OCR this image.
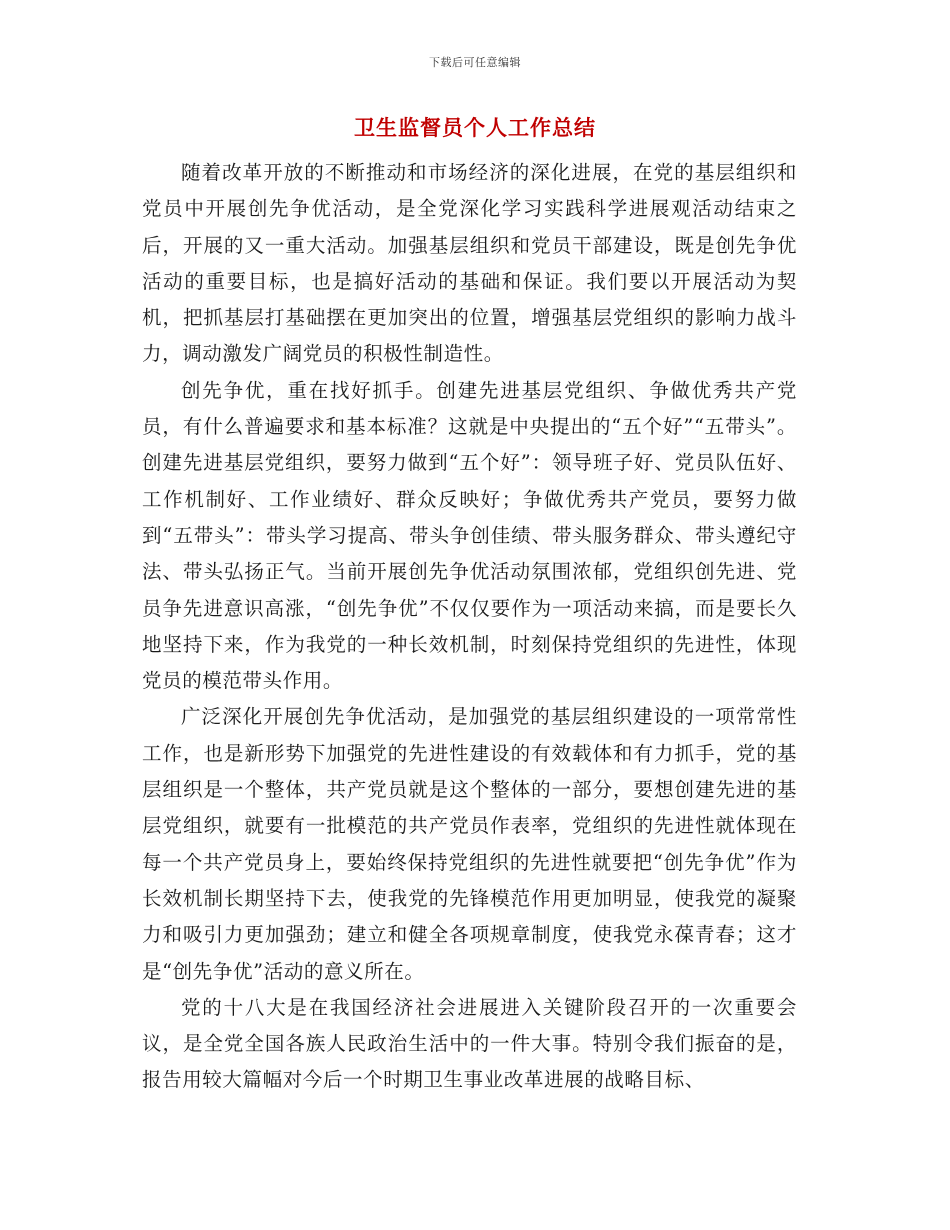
下载后可任意编辑
卫生监督员个人工作总结

随着改革开放的不断推动和市场经济的深化进展，在党的基层组织和党员中开展创先争优活动，是全党深化学习实践科学进展观活动结束之后，开展的又一重大活动。加强基层组织和党员干部建设，既是创先争优活动的重要目标，也是搞好活动的基础和保证。我们要以开展活动为契机，把抓基层打基础摆在更加突出的位置，增强基层党组织的影响力战斗力，调动激发广阔党员的积极性制造性。

创先争优，重在找好抓手。创建先进基层党组织、争做优秀共产党员，有什么普遍要求和基本标准？这就是中央提出的“五个好”“五带头”。创建先进基层党组织，要努力做到“五个好”：领导班子好、党员队伍好、工作机制好、工作业绩好、群众反映好；争做优秀共产党员，要努力做到“五带头”：带头学习提高、带头争创佳绩、带头服务群众、带头遵纪守法、带头弘扬正气。当前开展创先争优活动氛围浓郁，党组织创先进、党员争先进意识高涨，“创先争优”不仅仅要作为一项活动来搞，而是要长久地坚持下来，作为我党的一种长效机制，时刻保持党组织的先进性，体现党员的模范带头作用。

广泛深化开展创先争优活动，是加强党的基层组织建设的一项常常性工作，也是新形势下加强党的先进性建设的有效载体和有力抓手，党的基层组织是一个整体，共产党员就是这个整体的一部分，要想创建先进的基层党组织，就要有一批模范的共产党员作表率，党组织的先进性就体现在每一个共产党员身上，要始终保持党组织的先进性就要把“创先争优”作为长效机制长期坚持下去，使我党的先锋模范作用更加明显，使我党的凝聚力和吸引力更加强劲；建立和健全各项规章制度，使我党永葆青春；这才是“创先争优”活动的意义所在。

党的十八大是在我国经济社会进展进入关键阶段召开的一次重要会议，是全党全国各族人民政治生活中的一件大事。特别令我们振奋的是，报告用较大篇幅对今后一个时期卫生事业改革进展的战略目标、
